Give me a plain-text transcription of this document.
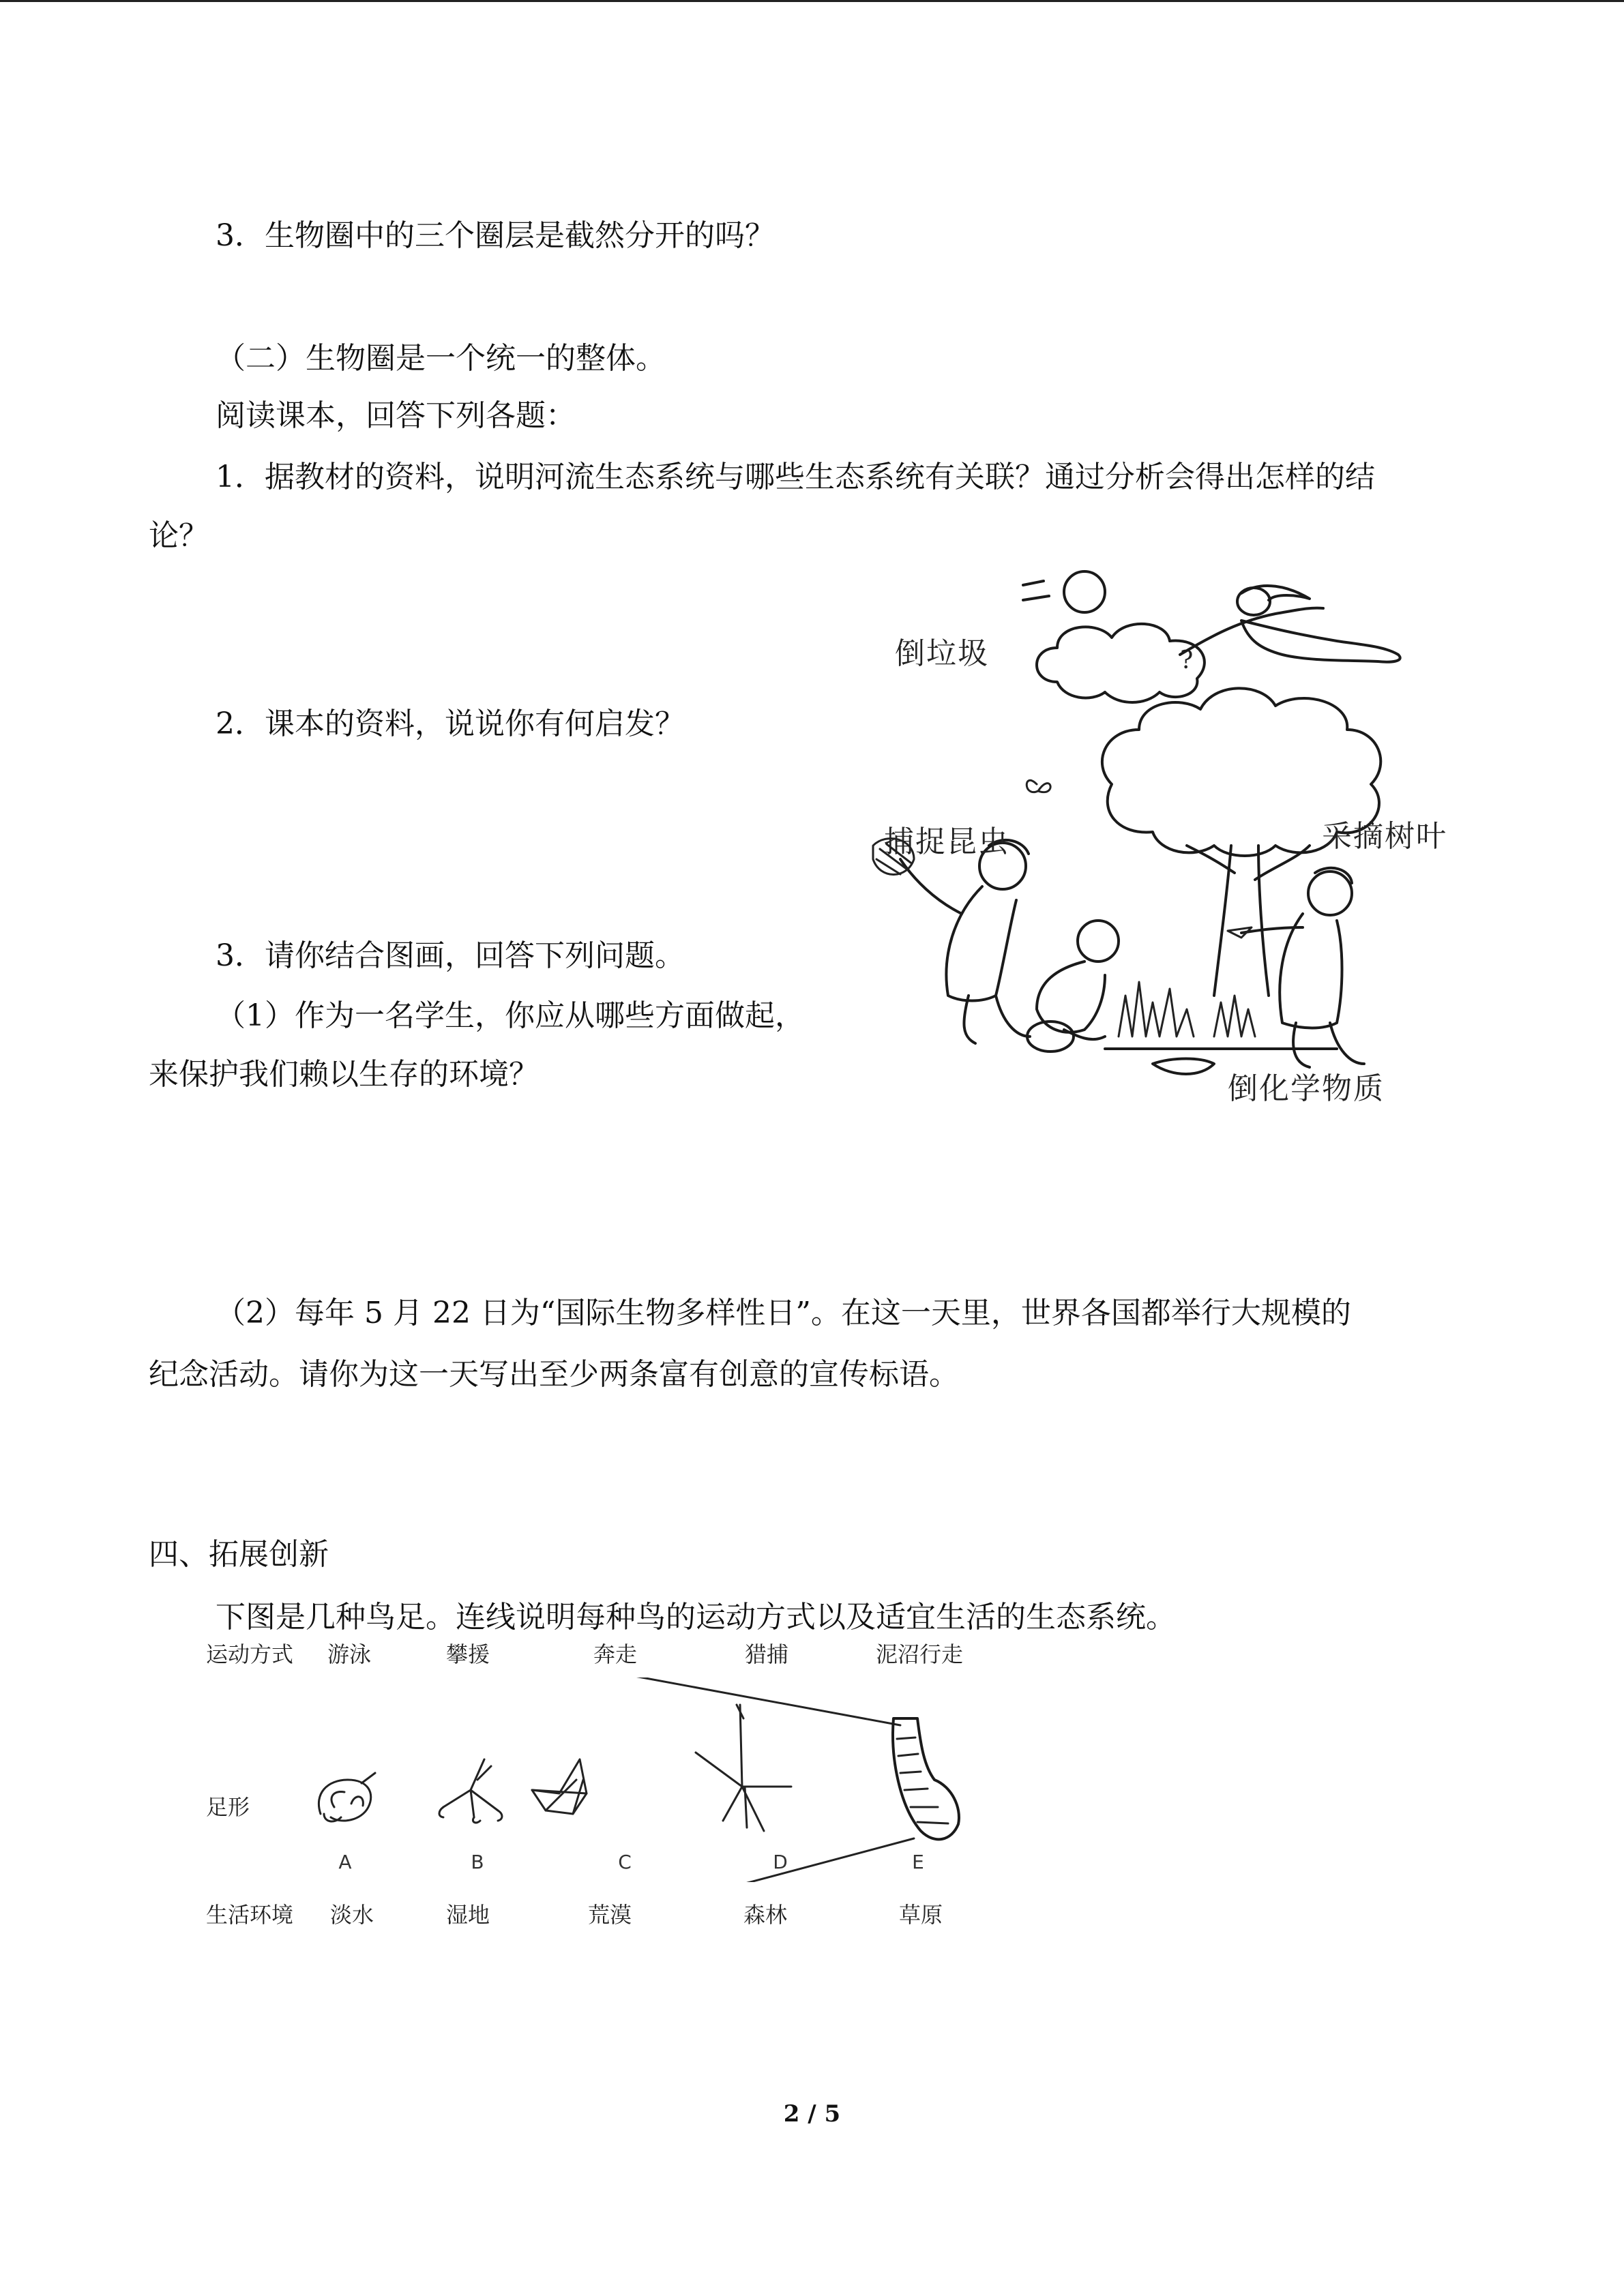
3．生物圈中的三个圈层是截然分开的吗？

（二）生物圈是一个统一的整体。

阅读课本，回答下列各题：

1．据教材的资料，说明河流生态系统与哪些生态系统有关联？通过分析会得出怎样的结

论？

2．课本的资料，说说你有何启发？

3．请你结合图画，回答下列问题。

（1）作为一名学生，你应从哪些方面做起，

来保护我们赖以生存的环境？

（2）每年 5 月 22 日为“国际生物多样性日”。在这一天里，世界各国都举行大规模的

纪念活动。请你为这一天写出至少两条富有创意的宣传标语。

四、拓展创新

下图是几种鸟足。连线说明每种鸟的运动方式以及适宜生活的生态系统。

?
倒垃圾
捕捉昆虫	采摘树叶
倒化学物质
运动方式 游泳	攀援	奔走	猎捕	泥沼行走
足形
A	B	C	D	E
生活环境 淡水	湿地	荒漠	森林	草原
2 / 5
